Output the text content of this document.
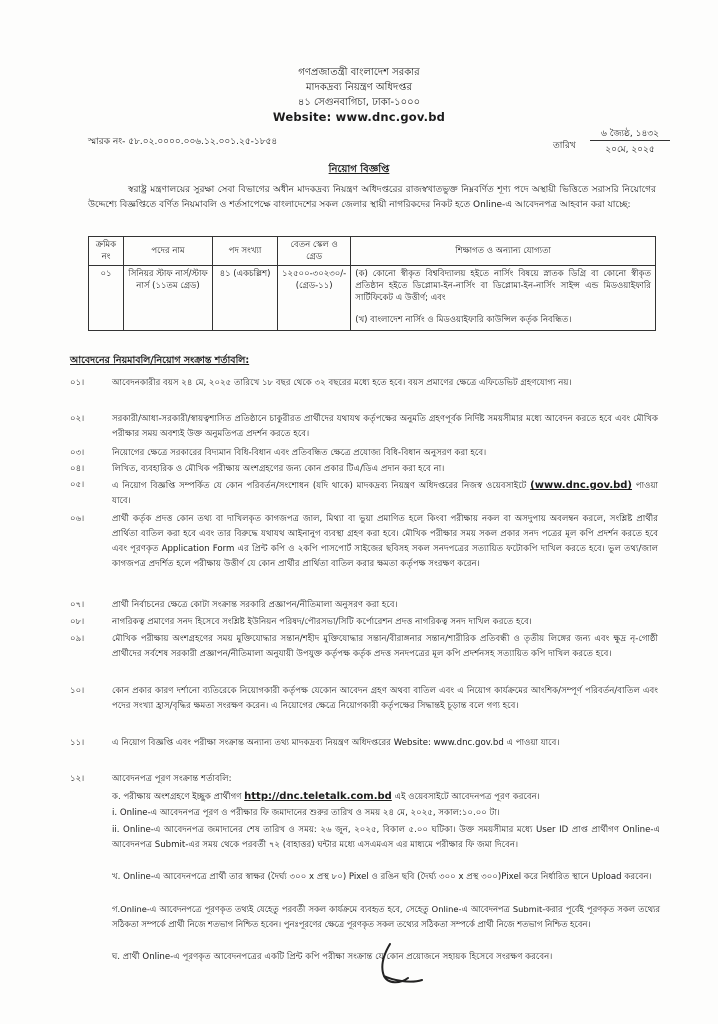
গণপ্রজাতন্ত্রী বাংলাদেশ সরকার
মাদকদ্রব্য নিয়ন্ত্রণ অধিদপ্তর
৪১ সেগুনবাগিচা, ঢাকা-১০০০
Website: www.dnc.gov.bd
স্মারক নং- ৫৮.০২.০০০০.০০৬.১২.০০১.২৫-১৮৫৪	তারিখ
৬ জ্যৈষ্ঠ, ১৪৩২
২০মে, ২০২৫
নিয়োগ বিজ্ঞপ্তি
স্বরাষ্ট্র মন্ত্রণালয়ের সুরক্ষা সেবা বিভাগের অধীন মাদকদ্রব্য নিয়ন্ত্রণ অধিদপ্তরের রাজস্বখাতভুক্ত নিম্নবর্ণিত শূণ্য পদে অস্থায়ী ভিত্তিতে সরাসরি নিয়োগের উদ্দেশ্যে বিজ্ঞপ্তিতে বর্ণিত নিয়মাবলি ও শর্তসাপেক্ষে বাংলাদেশের সকল জেলার স্থায়ী নাগরিকদের নিকট হতে Online-এ আবেদনপত্র আহবান করা যাচ্ছে:
ক্রমিক নং	পদের নাম	পদ সংখ্যা	বেতন স্কেল ও গ্রেড	শিক্ষাগত ও অন্যান্য যোগ্যতা
০১	সিনিয়র স্টাফ নার্স/স্টাফ নার্স (১১তম গ্রেড)	৪১ (একচল্লিশ)	১২৫০০-৩০২৩০/- (গ্রেড-১১)	(ক) কোনো স্বীকৃত বিশ্ববিদ্যালয় হইতে নার্সিং বিষয়ে স্নাতক ডিগ্রি বা কোনো স্বীকৃত প্রতিষ্ঠান হইতে ডিপ্লোমা-ইন-নার্সিং বা ডিপ্লোমা-ইন-নার্সিং সাইন্স এন্ড মিডওয়াইফারি সার্টিফিকেট এ উত্তীর্ণ; এবং
(খ) বাংলাদেশ নার্সিং ও মিডওয়াইফারি কাউন্সিল কর্তৃক নিবন্ধিত।
আবেদনের নিয়মাবলি/নিয়োগ সংক্রান্ত শর্তাবলি:
০১।	আবেদনকারীর বয়স ২৪ মে, ২০২৫ তারিখে ১৮ বছর থেকে ৩২ বছরের মধ্যে হতে হবে। বয়স প্রমাণের ক্ষেত্রে এফিডেভিট গ্রহণযোগ্য নয়।
০২।	সরকারী/আধা-সরকারী/স্বায়ত্বশাসিত প্রতিষ্ঠানে চাকুরীরত প্রার্থীদের যথাযথ কর্তৃপক্ষের অনুমতি গ্রহণপূর্বক নির্দিষ্ট সময়সীমার মধ্যে আবেদন করতে হবে এবং মৌখিক পরীক্ষার সময় অবশ্যই উক্ত অনুমতিপত্র প্রদর্শন করতে হবে।
০৩।	নিয়োগের ক্ষেত্রে সরকারের বিদ্যমান বিধি-বিধান এবং প্রতিবন্ধিত ক্ষেত্রে প্রযোজ্য বিধি-বিধান অনুসরণ করা হবে।
০৪।	লিখিত, ব্যবহারিক ও মৌখিক পরীক্ষায় অংশগ্রহণের জন্য কোন প্রকার টিএ/ডিএ প্রদান করা হবে না।
০৫।	এ নিয়োগ বিজ্ঞপ্তি সম্পর্কিত যে কোন পরিবর্তন/সংশোধন (যদি থাকে) মাদকদ্রব্য নিয়ন্ত্রণ অধিদপ্তরের নিজস্ব ওয়েবসাইটে (www.dnc.gov.bd) পাওয়া যাবে।
০৬।	প্রার্থী কর্তৃক প্রদত্ত কোন তথ্য বা দাখিলকৃত কাগজপত্র জাল, মিথ্যা বা ভুয়া প্রমাণিত হলে কিংবা পরীক্ষায় নকল বা অসদুপায় অবলম্বন করলে, সংশ্লিষ্ট প্রার্থীর প্রার্থিতা বাতিল করা হবে এবং তার বিরুদ্ধে যথাযথ আইনানুগ ব্যবস্থা গ্রহণ করা হবে। মৌখিক পরীক্ষার সময় সকল প্রকার সনদ পত্রের মূল কপি প্রদর্শন করতে হবে এবং পূরণকৃত Application Form এর প্রিন্ট কপি ও ২কপি পাসপোর্ট সাইজের ছবিসহ সকল সনদপত্রের সত্যায়িত ফটোকপি দাখিল করতে হবে। ভুল তথ্য/জাল কাগজপত্র প্রদর্শিত হলে পরীক্ষায় উত্তীর্ণ যে কোন প্রার্থীর প্রার্থিতা বাতিল করার ক্ষমতা কর্তৃপক্ষ সংরক্ষণ করেন।
০৭।	প্রার্থী নির্বাচনের ক্ষেত্রে কোটা সংক্রান্ত সরকারি প্রজ্ঞাপন/নীতিমালা অনুসরণ করা হবে।
০৮।	নাগরিকত্ব প্রমাণের সনদ হিসেবে সংশ্লিষ্ট ইউনিয়ন পরিষদ/পৌরসভা/সিটি কর্পোরেশন প্রদত্ত নাগরিকত্ব সনদ দাখিল করতে হবে।
০৯।	মৌখিক পরীক্ষায় অংশগ্রহণের সময় মুক্তিযোদ্ধার সন্তান/শহীদ মুক্তিযোদ্ধার সন্তান/বীরাঙ্গনার সন্তান/শারীরিক প্রতিবন্ধী ও তৃতীয় লিঙ্গের জন্য এবং ক্ষুদ্র নৃ-গোষ্ঠী প্রার্থীদের সর্বশেষ সরকারী প্রজ্ঞাপন/নীতিমালা অনুযায়ী উপযুক্ত কর্তৃপক্ষ কর্তৃক প্রদত্ত সনদপত্রের মূল কপি প্রদর্শনসহ সত্যায়িত কপি দাখিল করতে হবে।
১০।	কোন প্রকার কারণ দর্শানো ব্যতিরেকে নিয়োগকারী কর্তৃপক্ষ যেকোন আবেদন গ্রহণ অথবা বাতিল এবং এ নিয়োগ কার্যক্রমের আংশিক/সম্পূর্ণ পরিবর্তন/বাতিল এবং পদের সংখ্যা হ্রাস/বৃদ্ধির ক্ষমতা সংরক্ষণ করেন। এ নিয়োগের ক্ষেত্রে নিয়োগকারী কর্তৃপক্ষের সিদ্ধান্তই চূড়ান্ত বলে গণ্য হবে।
১১।	এ নিয়োগ বিজ্ঞপ্তি এবং পরীক্ষা সংক্রান্ত অন্যান্য তথ্য মাদকদ্রব্য নিয়ন্ত্রণ অধিদপ্তরের Website: www.dnc.gov.bd এ পাওয়া যাবে।
১২।	আবেদনপত্র পূরণ সংক্রান্ত শর্তাবলি:
ক. পরীক্ষায় অংশগ্রহণে ইচ্ছুক প্রার্থীগণ http://dnc.teletalk.com.bd এই ওয়েবসাইটে আবেদনপত্র পূরণ করবেন।
i. Online-এ আবেদনপত্র পূরণ ও পরীক্ষার ফি জমাদানের শুরুর তারিখ ও সময় ২৪ মে, ২০২৫, সকাল:১০.০০ টা।
ii. Online-এ আবেদনপত্র জমাদানের শেষ তারিখ ও সময়: ২৬ জুন, ২০২৫, বিকাল ৫.০০ ঘটিকা। উক্ত সময়সীমার মধ্যে User ID প্রাপ্ত প্রার্থীগণ Online-এ আবেদনপত্র Submit-এর সময় থেকে পরবর্তী ৭২ (বাহাত্তর) ঘন্টার মধ্যে এসএমএস এর মাধ্যমে পরীক্ষার ফি জমা দিবেন।
খ. Online-এ আবেদনপত্রে প্রার্থী তার স্বাক্ষর (দৈর্ঘ্য ৩০০ x প্রস্থ ৮০) Pixel ও রঙিন ছবি (দৈর্ঘ্য ৩০০ x প্রস্থ ৩০০)Pixel করে নির্ধারিত স্থানে Upload করবেন।
গ.Online-এ আবেদনপত্রে পূরণকৃত তথ্যই যেহেতু পরবর্তী সকল কার্যক্রমে ব্যবহৃত হবে, সেহেতু Online-এ আবেদনপত্র Submit-করার পূর্বেই পূরণকৃত সকল তথ্যের সঠিকতা সম্পর্কে প্রার্থী নিজে শতভাগ নিশ্চিত হবেন। পুনঃপূরণের ক্ষেত্রে পূরণকৃত সকল তথ্যের সঠিকতা সম্পর্কে প্রার্থী নিজে শতভাগ নিশ্চিত হবেন।
ঘ. প্রার্থী Online-এ পূরণকৃত আবেদনপত্রের একটি প্রিন্ট কপি পরীক্ষা সংক্রান্ত যে কোন প্রয়োজনে সহায়ক হিসেবে সংরক্ষণ করবেন।
